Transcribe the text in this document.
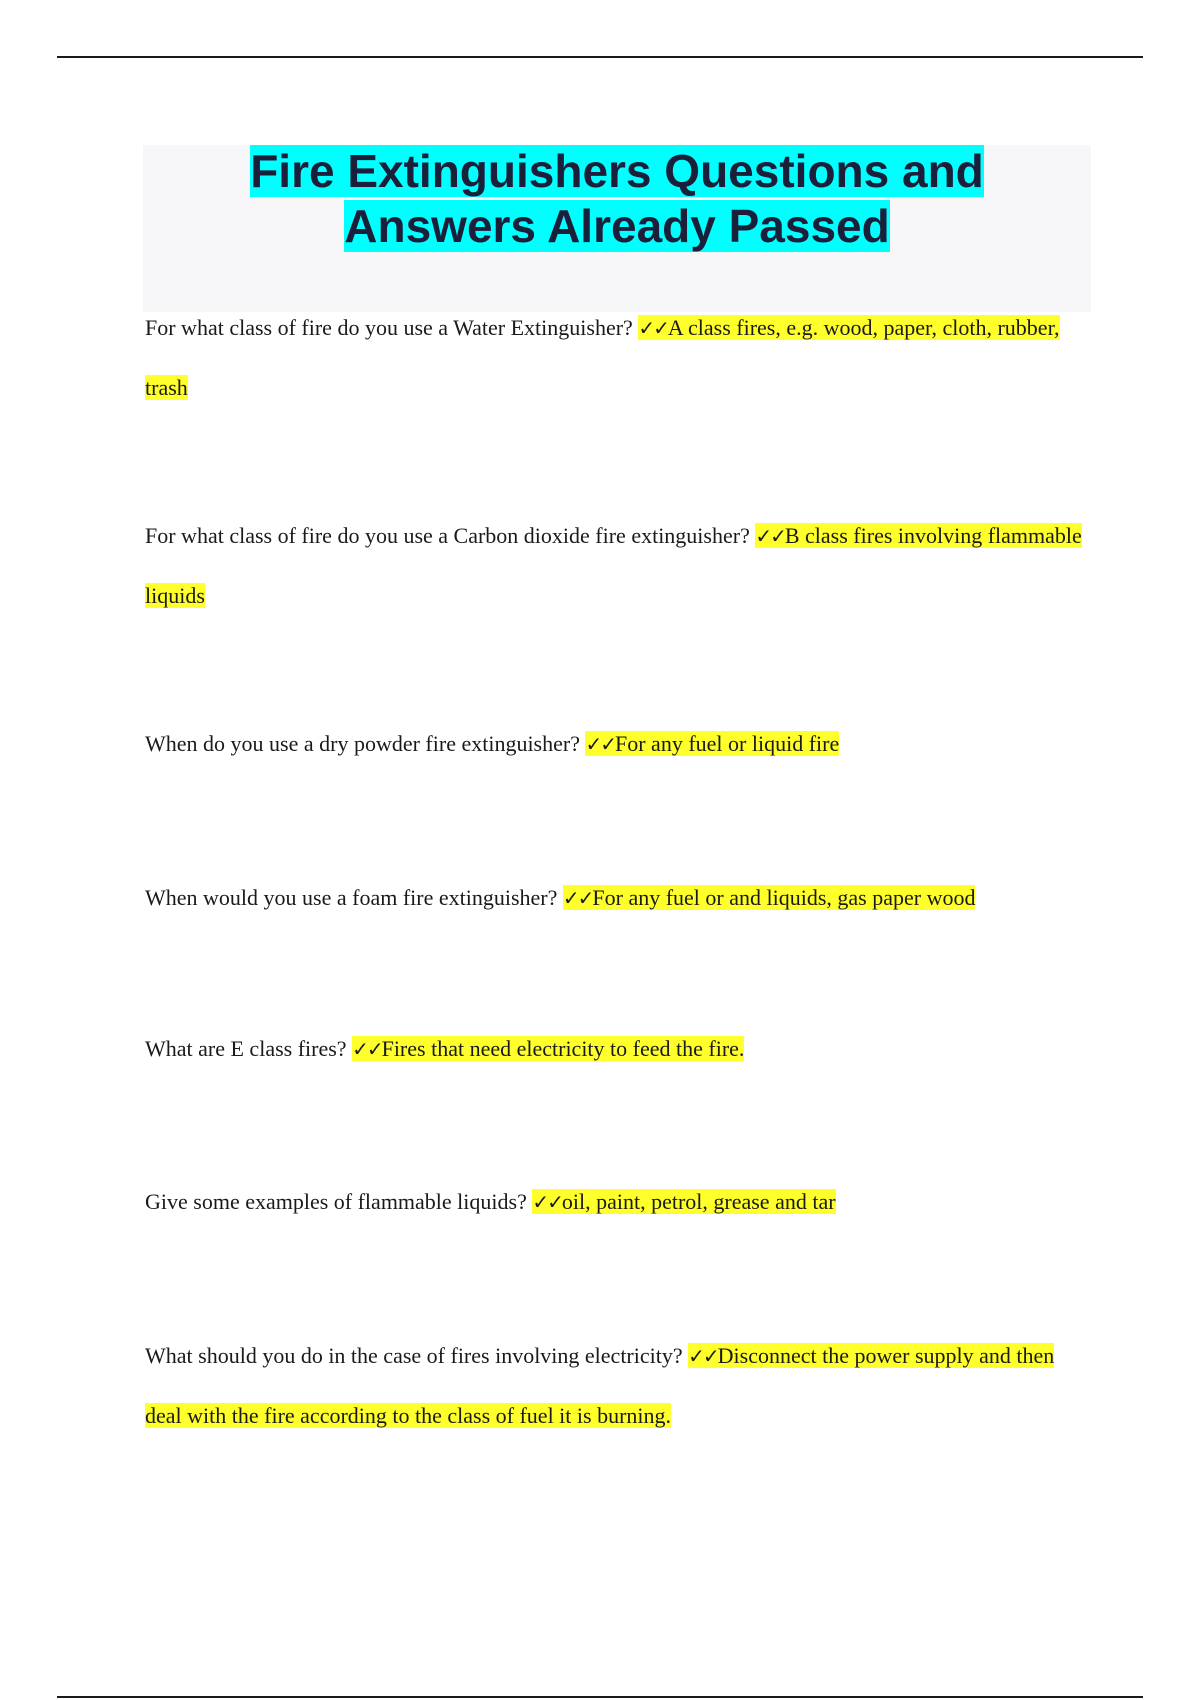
Fire Extinguishers Questions and
Answers Already Passed

For what class of fire do you use a Water Extinguisher? ✓✓A class fires, e.g. wood, paper, cloth, rubber, trash

For what class of fire do you use a Carbon dioxide fire extinguisher? ✓✓B class fires involving flammable liquids

When do you use a dry powder fire extinguisher? ✓✓For any fuel or liquid fire

When would you use a foam fire extinguisher? ✓✓For any fuel or and liquids, gas paper wood

What are E class fires? ✓✓Fires that need electricity to feed the fire.

Give some examples of flammable liquids? ✓✓oil, paint, petrol, grease and tar

What should you do in the case of fires involving electricity? ✓✓Disconnect the power supply and then deal with the fire according to the class of fuel it is burning.
